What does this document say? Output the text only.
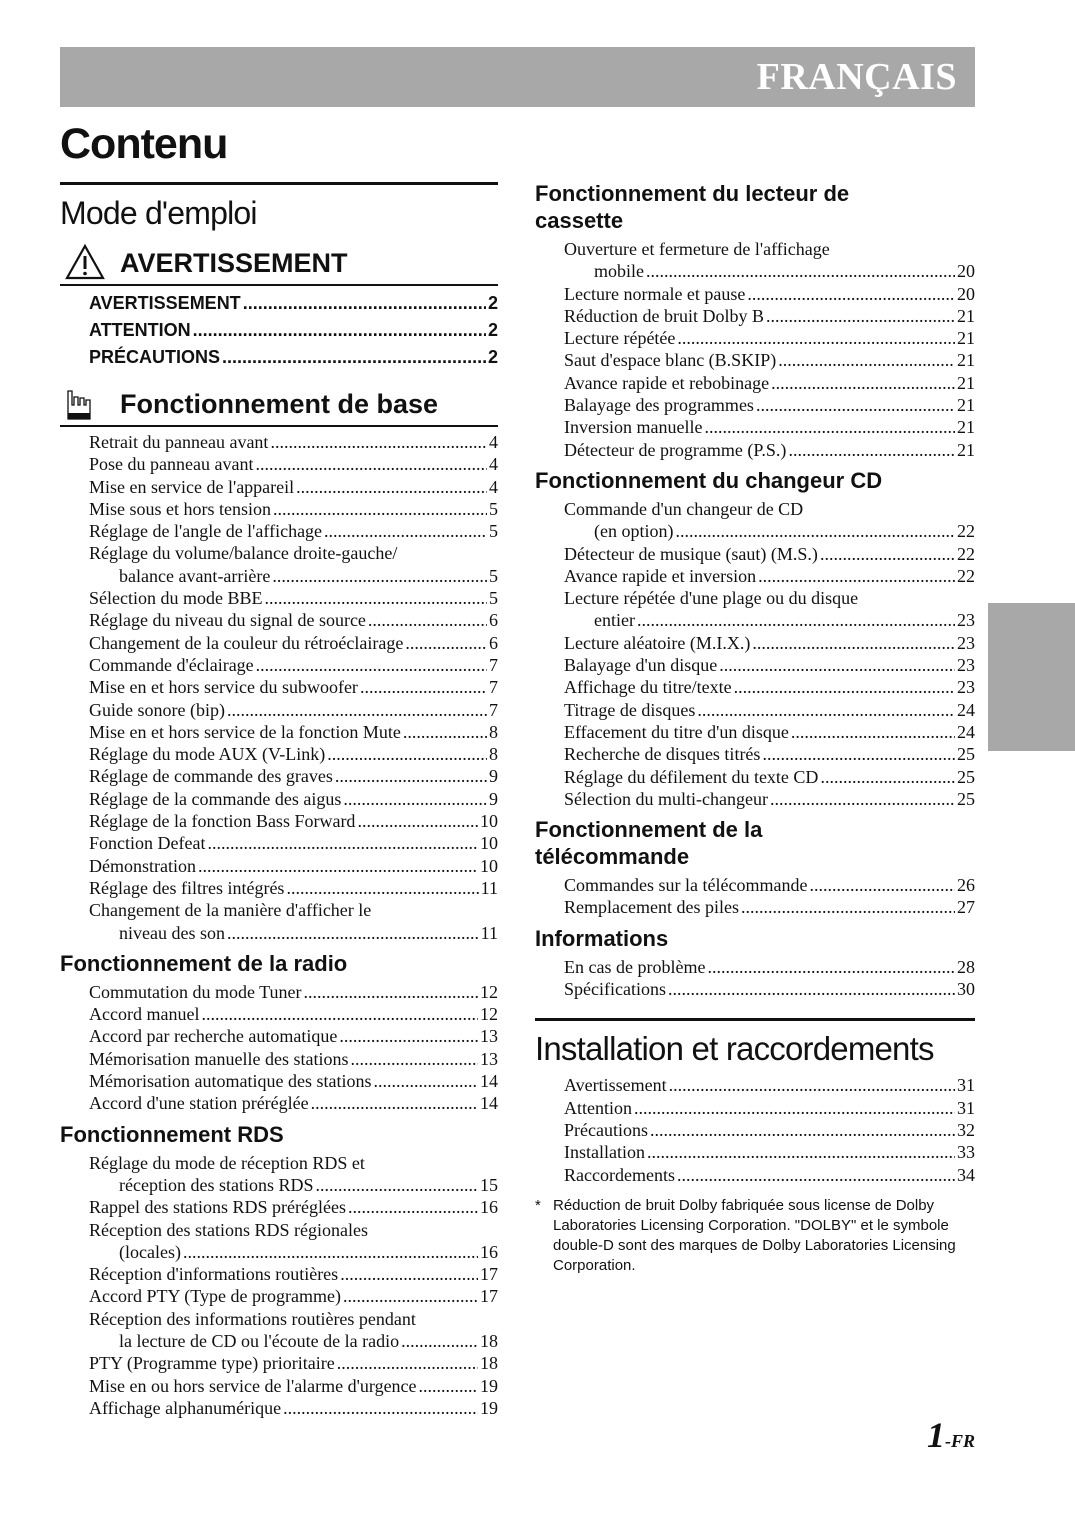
FRANÇAIS
Contenu
Mode d'emploi
AVERTISSEMENT
AVERTISSEMENT .....	2
ATTENTION .....	2
PRÉCAUTIONS .....	2
Fonctionnement de base
Retrait du panneau avant .....	4
Pose du panneau avant .....	4
Mise en service de l'appareil .....	4
Mise sous et hors tension .....	5
Réglage de l'angle de l'affichage .....	5
Réglage du volume/balance droite-gauche/
balance avant-arrière .....	5
Sélection du mode BBE .....	5
Réglage du niveau du signal de source .....	6
Changement de la couleur du rétroéclairage .....	6
Commande d'éclairage .....	7
Mise en et hors service du subwoofer .....	7
Guide sonore (bip) .....	7
Mise en et hors service de la fonction Mute .....	8
Réglage du mode AUX (V-Link) .....	8
Réglage de commande des graves .....	9
Réglage de la commande des aigus .....	9
Réglage de la fonction Bass Forward .....	10
Fonction Defeat .....	10
Démonstration .....	10
Réglage des filtres intégrés .....	11
Changement de la manière d'afficher le
niveau des son .....	11
Fonctionnement de la radio
Commutation du mode Tuner .....	12
Accord manuel .....	12
Accord par recherche automatique .....	13
Mémorisation manuelle des stations .....	13
Mémorisation automatique des stations .....	14
Accord d'une station préréglée .....	14
Fonctionnement RDS
Réglage du mode de réception RDS et
réception des stations RDS .....	15
Rappel des stations RDS préréglées .....	16
Réception des stations RDS régionales
(locales) .....	16
Réception d'informations routières .....	17
Accord PTY (Type de programme) .....	17
Réception des informations routières pendant
la lecture de CD ou l'écoute de la radio .....	18
PTY (Programme type) prioritaire .....	18
Mise en ou hors service de l'alarme d'urgence .....	19
Affichage alphanumérique .....	19
Fonctionnement du lecteur de cassette
Ouverture et fermeture de l'affichage
mobile .....	20
Lecture normale et pause .....	20
Réduction de bruit Dolby B .....	21
Lecture répétée .....	21
Saut d'espace blanc (B.SKIP) .....	21
Avance rapide et rebobinage .....	21
Balayage des programmes .....	21
Inversion manuelle .....	21
Détecteur de programme (P.S.) .....	21
Fonctionnement du changeur CD
Commande d'un changeur de CD
(en option) .....	22
Détecteur de musique (saut) (M.S.) .....	22
Avance rapide et inversion .....	22
Lecture répétée d'une plage ou du disque
entier .....	23
Lecture aléatoire (M.I.X.) .....	23
Balayage d'un disque .....	23
Affichage du titre/texte .....	23
Titrage de disques .....	24
Effacement du titre d'un disque .....	24
Recherche de disques titrés .....	25
Réglage du défilement du texte CD .....	25
Sélection du multi-changeur .....	25
Fonctionnement de la télécommande
Commandes sur la télécommande .....	26
Remplacement des piles .....	27
Informations
En cas de problème .....	28
Spécifications .....	30
Installation et raccordements
Avertissement .....	31
Attention .....	31
Précautions .....	32
Installation .....	33
Raccordements .....	34
* Réduction de bruit Dolby fabriquée sous license de Dolby Laboratories Licensing Corporation. "DOLBY" et le symbole double-D sont des marques de Dolby Laboratories Licensing Corporation.
1-FR
